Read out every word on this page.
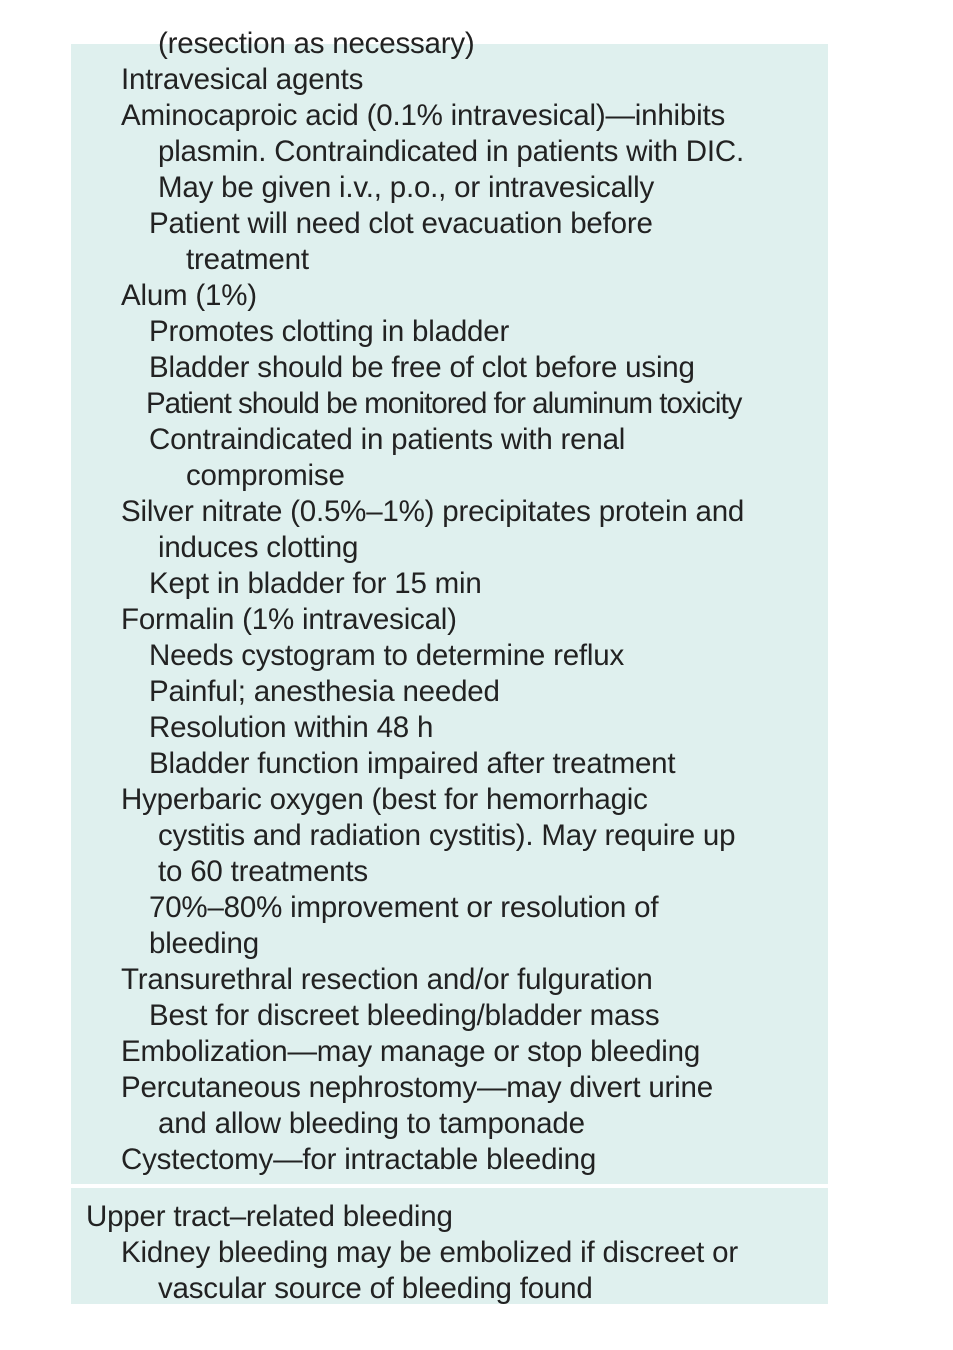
(resection as necessary)
Intravesical agents
Aminocaproic acid (0.1% intravesical)—inhibits
plasmin. Contraindicated in patients with DIC.
May be given i.v., p.o., or intravesically
Patient will need clot evacuation before
treatment
Alum (1%)
Promotes clotting in bladder
Bladder should be free of clot before using
Patient should be monitored for aluminum toxicity
Contraindicated in patients with renal
compromise
Silver nitrate (0.5%–1%) precipitates protein and
induces clotting
Kept in bladder for 15 min
Formalin (1% intravesical)
Needs cystogram to determine reflux
Painful; anesthesia needed
Resolution within 48 h
Bladder function impaired after treatment
Hyperbaric oxygen (best for hemorrhagic
cystitis and radiation cystitis). May require up
to 60 treatments
70%–80% improvement or resolution of
bleeding
Transurethral resection and/or fulguration
Best for discreet bleeding/bladder mass
Embolization—may manage or stop bleeding
Percutaneous nephrostomy—may divert urine
and allow bleeding to tamponade
Cystectomy—for intractable bleeding
Upper tract–related bleeding
Kidney bleeding may be embolized if discreet or
vascular source of bleeding found
